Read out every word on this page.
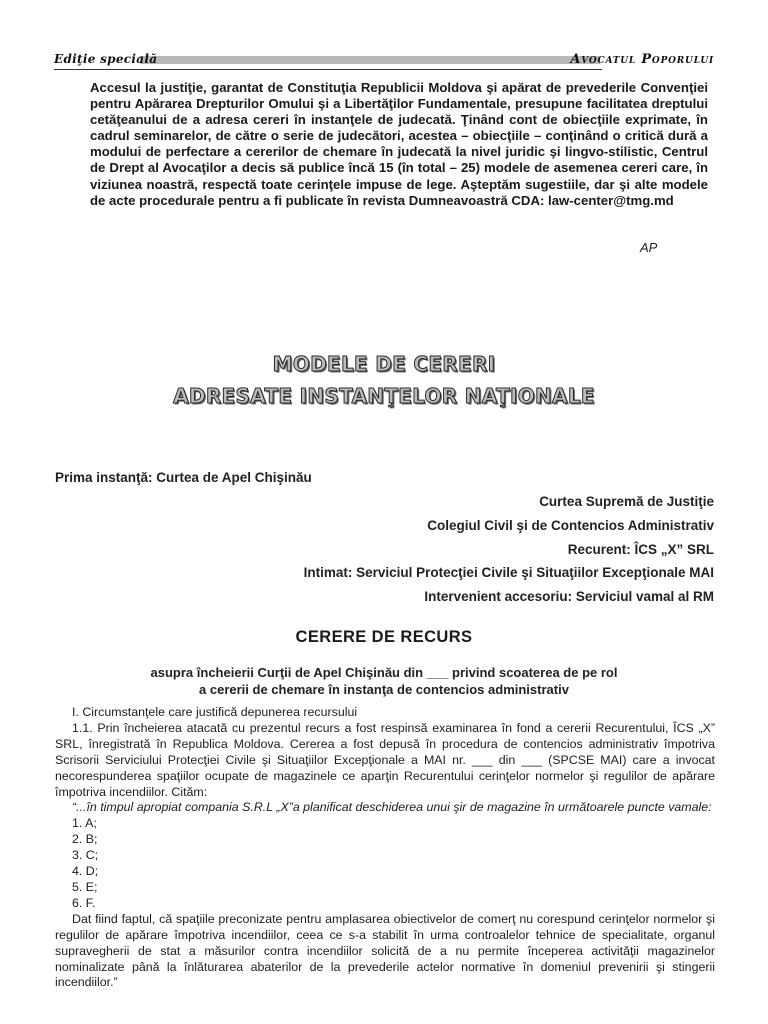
Ediţie specială	Avocatul Poporului
Accesul la justiţie, garantat de Constituţia Republicii Moldova şi apărat de prevederile Convenţiei pentru Apărarea Drepturilor Omului şi a Libertăţilor Fundamentale, presupune facilitatea dreptului cetăţeanului de a adresa cereri în instanţele de judecată. Ţinând cont de obiecţiile exprimate, în cadrul seminarelor, de către o serie de judecători, acestea – obiecţiile – conţinând o critică dură a modului de perfectare a cererilor de chemare în judecată la nivel juridic şi lingvo-stilistic, Centrul de Drept al Avocaţilor a decis să publice încă 15 (în total – 25) modele de asemenea cereri care, în viziunea noastră, respectă toate cerinţele impuse de lege. Aşteptăm sugestiile, dar şi alte modele de acte procedurale pentru a fi publicate în revista Dumneavoastră CDA: law-center@tmg.md
AP
MODELE DE CERERI
ADRESATE INSTANŢELOR NAŢIONALE
Prima instanţă: Curtea de Apel Chişinău
Curtea Supremă de Justiţie
Colegiul Civil şi de Contencios Administrativ
Recurent: ÎCS „X” SRL
Intimat: Serviciul Protecţiei Civile şi Situaţiilor Excepţionale MAI
Intervenient accesoriu: Serviciul vamal al RM
CERERE DE RECURS
asupra încheierii Curţii de Apel Chişinău din ___ privind scoaterea de pe rol
a cererii de chemare în instanţa de contencios administrativ

I. Circumstanţele care justifică depunerea recursului

1.1. Prin încheierea atacată cu prezentul recurs a fost respinsă examinarea în fond a cererii Recurentului, ÎCS „X” SRL, înregistrată în Republica Moldova. Cererea a fost depusă în procedura de contencios administrativ împotriva Scrisorii Serviciului Protecţiei Civile şi Situaţiilor Excepţionale a MAI nr. ___ din ___ (SPCSE MAI) care a invocat necorespunderea spaţiilor ocupate de magazinele ce aparţin Recurentului cerinţelor normelor şi regulilor de apărare împotriva incendiilor. Cităm:

“...în timpul apropiat compania S.R.L „X”a planificat deschiderea unui şir de magazine în următoarele puncte vamale:

1. A;

2. B;

3. C;

4. D;

5. E;

6. F.

Dat fiind faptul, că spaţiile preconizate pentru amplasarea obiectivelor de comerţ nu corespund cerinţelor normelor şi regulilor de apărare împotriva incendiilor, ceea ce s-a stabilit în urma controalelor tehnice de specialitate, organul supravegherii de stat a măsurilor contra incendiilor solicită de a nu permite începerea activităţii magazinelor nominalizate până la înlăturarea abaterilor de la prevederile actelor normative în domeniul prevenirii şi stingerii incendiilor.”
